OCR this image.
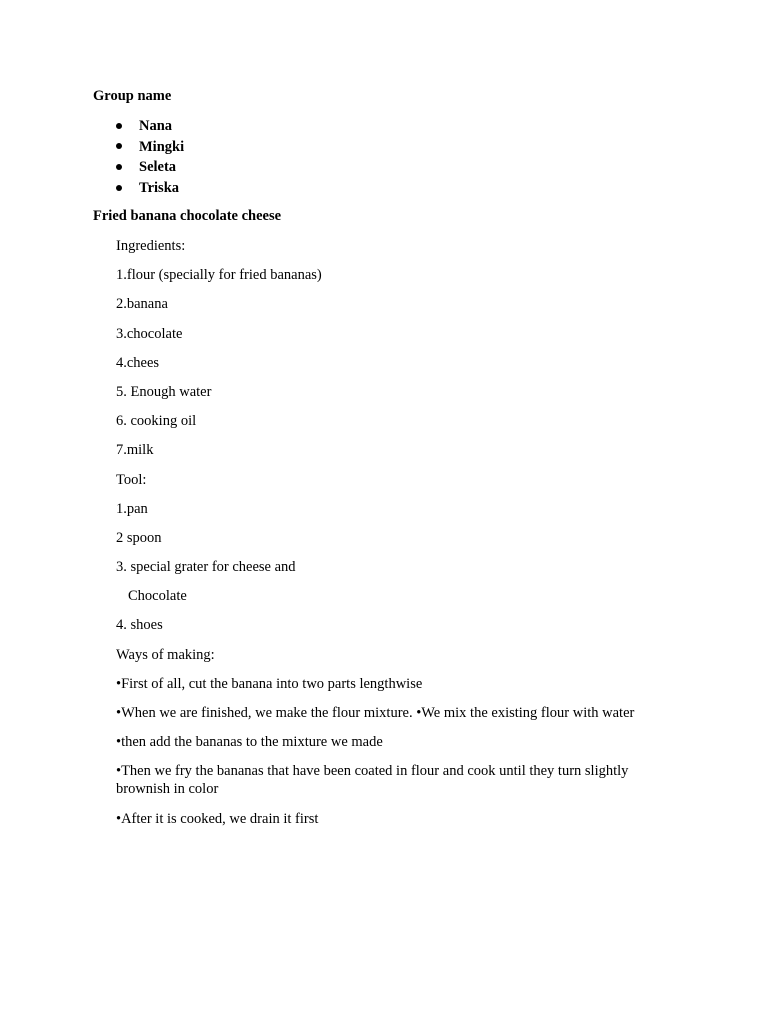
Group name

Nana
Mingki
Seleta
Triska

Fried banana chocolate cheese

Ingredients:
1.flour (specially for fried bananas)
2.banana
3.chocolate
4.chees
5. Enough water
6. cooking oil
7.milk
Tool:
1.pan
2 spoon
3. special grater for cheese and
Chocolate
4. shoes
Ways of making:
•First of all, cut the banana into two parts lengthwise
•When we are finished, we make the flour mixture. •We mix the existing flour with water
•then add the bananas to the mixture we made
•Then we fry the bananas that have been coated in flour and cook until they turn slightly brownish in color
•After it is cooked, we drain it first
